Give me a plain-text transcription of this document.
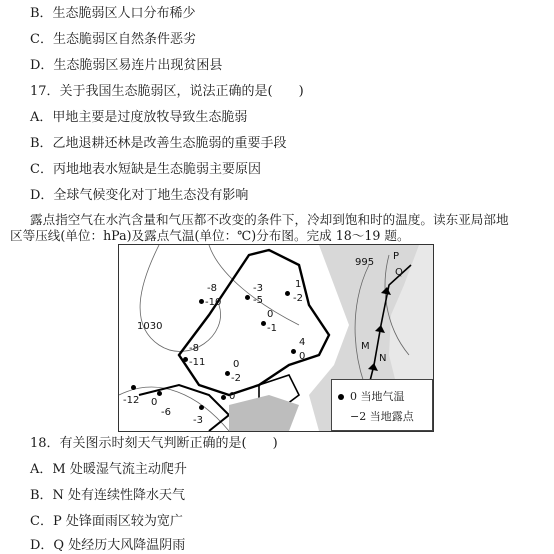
B．生态脆弱区人口分布稀少
C．生态脆弱区自然条件恶劣
D．生态脆弱区易连片出现贫困县
17．关于我国生态脆弱区，说法正确的是(　　)
A．甲地主要是过度放牧导致生态脆弱
B．乙地退耕还林是改善生态脆弱的重要手段
C．丙地地表水短缺是生态脆弱主要原因
D．全球气候变化对丁地生态没有影响
露点指空气在水汽含量和气压都不改变的条件下，冷却到饱和时的温度。读东亚局部地
区等压线(单位：hPa)及露点气温(单位：℃)分布图。完成 18～19 题。
1030
995
P
Q
M
N
-8
-10
-3
-5
1
-2
0
-1
-8
-11
4
0
0
-2
-12 0
-6
-3
0	0 当地气温
−2 当地露点
18．有关图示时刻天气判断正确的是(　　)
A．M 处暖湿气流主动爬升
B．N 处有连续性降水天气
C．P 处锋面雨区较为宽广
D．Q 处经历大风降温阴雨
